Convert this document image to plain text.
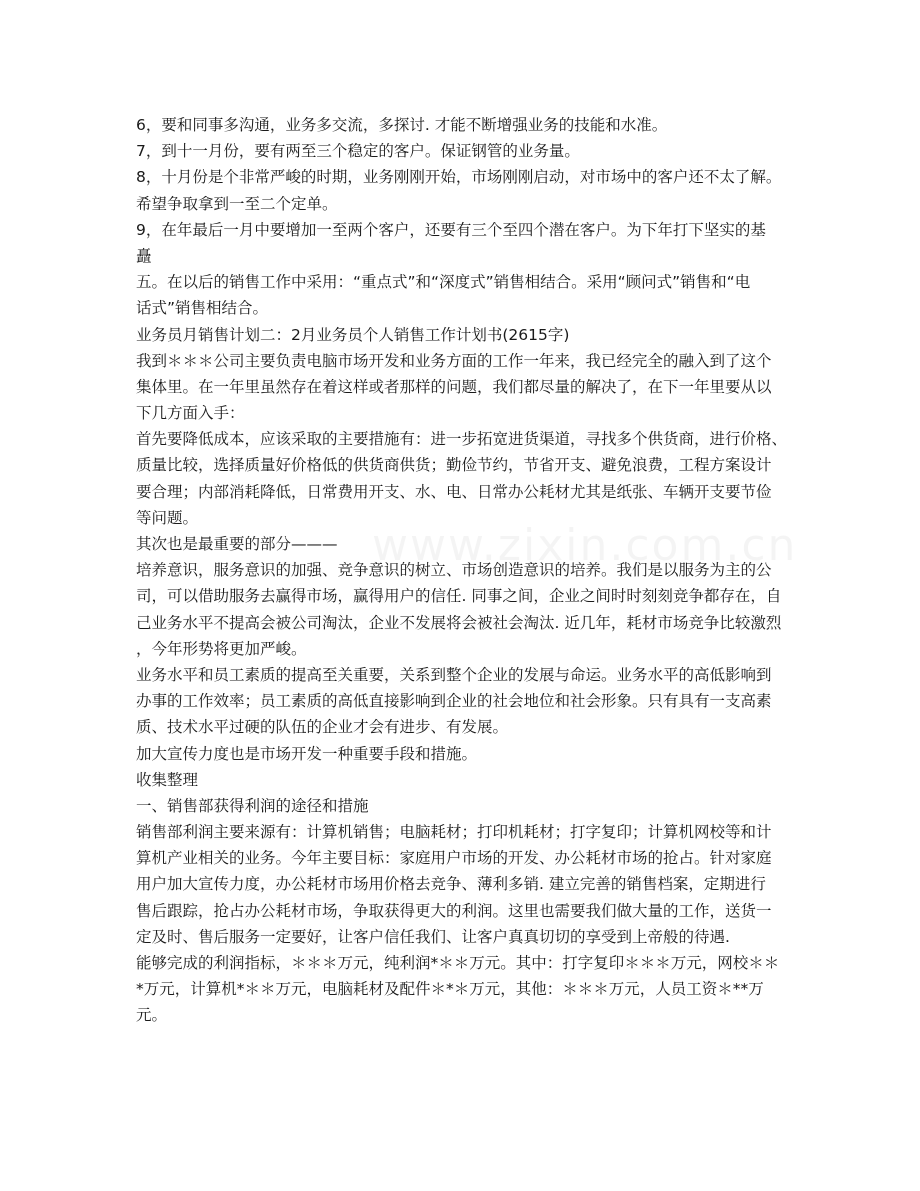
6，要和同事多沟通，业务多交流，多探讨. 才能不断增强业务的技能和水准。
7，到十一月份，要有两至三个稳定的客户。保证钢管的业务量。
8，十月份是个非常严峻的时期，业务刚刚开始，市场刚刚启动，对市场中的客户还不太了解。
希望争取拿到一至二个定单。
9，在年最后一月中要增加一至两个客户，还要有三个至四个潜在客户。为下年打下坚实的基
矗
五。在以后的销售工作中采用：“重点式”和“深度式”销售相结合。采用“顾问式”销售和“电
话式”销售相结合。
业务员月销售计划二：2月业务员个人销售工作计划书(2615字)
我到＊＊＊公司主要负责电脑市场开发和业务方面的工作一年来，我已经完全的融入到了这个
集体里。在一年里虽然存在着这样或者那样的问题，我们都尽量的解决了，在下一年里要从以
下几方面入手：
首先要降低成本，应该采取的主要措施有：进一步拓宽进货渠道，寻找多个供货商，进行价格、
质量比较，选择质量好价格低的供货商供货；勤俭节约，节省开支、避免浪费，工程方案设计
要合理；内部消耗降低，日常费用开支、水、电、日常办公耗材尤其是纸张、车辆开支要节俭
等问题。
其次也是最重要的部分———
培养意识，服务意识的加强、竞争意识的树立、市场创造意识的培养。我们是以服务为主的公
司，可以借助服务去赢得市场，赢得用户的信任. 同事之间，企业之间时时刻刻竞争都存在，自
己业务水平不提高会被公司淘汰，企业不发展将会被社会淘汰. 近几年，耗材市场竞争比较激烈
，今年形势将更加严峻。
业务水平和员工素质的提高至关重要，关系到整个企业的发展与命运。业务水平的高低影响到
办事的工作效率；员工素质的高低直接影响到企业的社会地位和社会形象。只有具有一支高素
质、技术水平过硬的队伍的企业才会有进步、有发展。
加大宣传力度也是市场开发一种重要手段和措施。
收集整理
一、销售部获得利润的途径和措施
销售部利润主要来源有：计算机销售；电脑耗材；打印机耗材；打字复印；计算机网校等和计
算机产业相关的业务。今年主要目标：家庭用户市场的开发、办公耗材市场的抢占。针对家庭
用户加大宣传力度，办公耗材市场用价格去竞争、薄利多销. 建立完善的销售档案，定期进行
售后跟踪，抢占办公耗材市场，争取获得更大的利润。这里也需要我们做大量的工作，送货一
定及时、售后服务一定要好，让客户信任我们、让客户真真切切的享受到上帝般的待遇.
能够完成的利润指标，＊＊＊万元，纯利润*＊＊万元。其中：打字复印＊＊＊万元，网校＊＊
*万元，计算机*＊＊万元，电脑耗材及配件＊*＊万元，其他：＊＊＊万元，人员工资＊**万
元。
